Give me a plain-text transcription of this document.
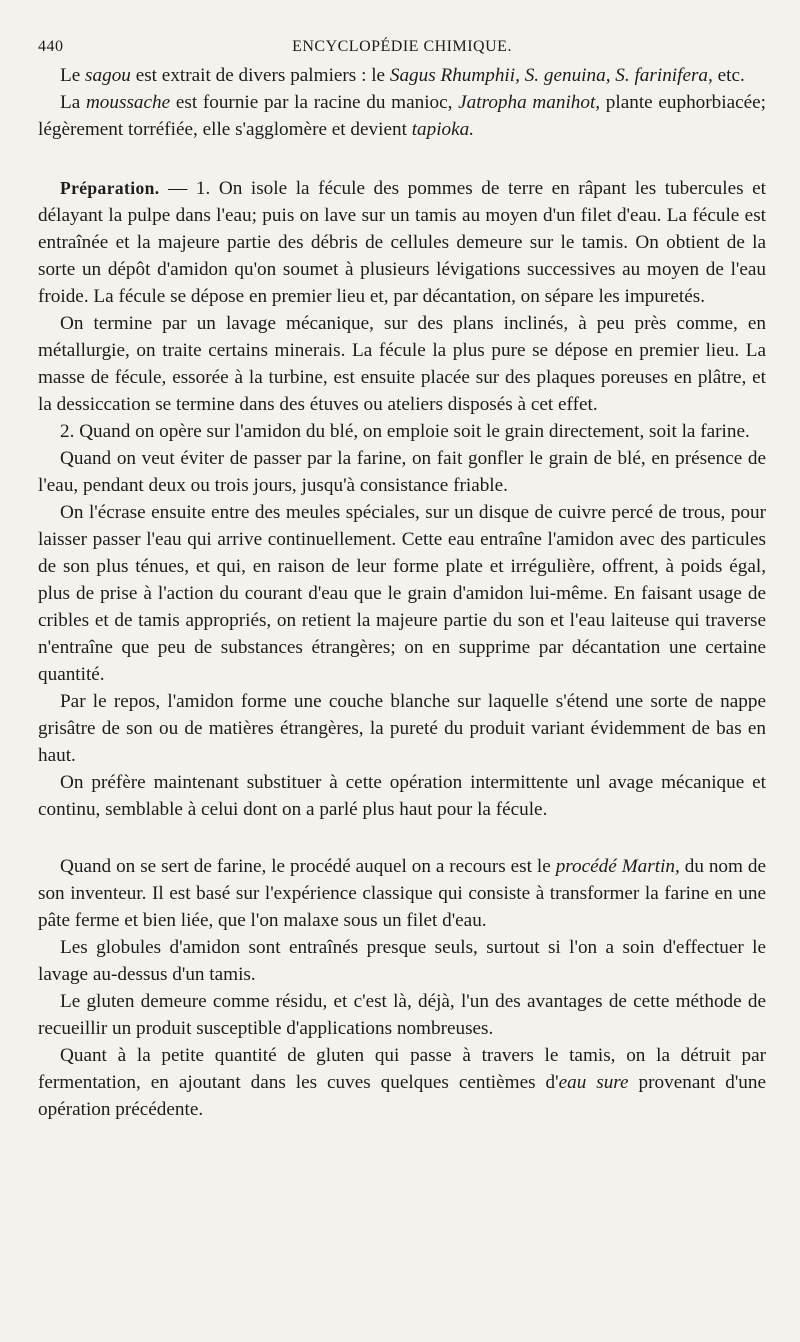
440	ENCYCLOPÉDIE CHIMIQUE.

Le sagou est extrait de divers palmiers : le Sagus Rhumphii, S. genuina, S. farinifera, etc.

La moussache est fournie par la racine du manioc, Jatropha manihot, plante euphorbiacée; légèrement torréfiée, elle s'agglomère et devient tapioka.

Préparation. — 1. On isole la fécule des pommes de terre en râpant les tubercules et délayant la pulpe dans l'eau; puis on lave sur un tamis au moyen d'un filet d'eau. La fécule est entraînée et la majeure partie des débris de cellules demeure sur le tamis. On obtient de la sorte un dépôt d'amidon qu'on soumet à plusieurs lévigations successives au moyen de l'eau froide. La fécule se dépose en premier lieu et, par décantation, on sépare les impuretés.

On termine par un lavage mécanique, sur des plans inclinés, à peu près comme, en métallurgie, on traite certains minerais. La fécule la plus pure se dépose en premier lieu. La masse de fécule, essorée à la turbine, est ensuite placée sur des plaques poreuses en plâtre, et la dessiccation se termine dans des étuves ou ateliers disposés à cet effet.

2. Quand on opère sur l'amidon du blé, on emploie soit le grain directement, soit la farine.

Quand on veut éviter de passer par la farine, on fait gonfler le grain de blé, en présence de l'eau, pendant deux ou trois jours, jusqu'à consistance friable.

On l'écrase ensuite entre des meules spéciales, sur un disque de cuivre percé de trous, pour laisser passer l'eau qui arrive continuellement. Cette eau entraîne l'amidon avec des particules de son plus ténues, et qui, en raison de leur forme plate et irrégulière, offrent, à poids égal, plus de prise à l'action du courant d'eau que le grain d'amidon lui-même. En faisant usage de cribles et de tamis appropriés, on retient la majeure partie du son et l'eau laiteuse qui traverse n'entraîne que peu de substances étrangères; on en supprime par décantation une certaine quantité.

Par le repos, l'amidon forme une couche blanche sur laquelle s'étend une sorte de nappe grisâtre de son ou de matières étrangères, la pureté du produit variant évidemment de bas en haut.

On préfère maintenant substituer à cette opération intermittente unl avage mécanique et continu, semblable à celui dont on a parlé plus haut pour la fécule.

Quand on se sert de farine, le procédé auquel on a recours est le procédé Martin, du nom de son inventeur. Il est basé sur l'expérience classique qui consiste à transformer la farine en une pâte ferme et bien liée, que l'on malaxe sous un filet d'eau.

Les globules d'amidon sont entraînés presque seuls, surtout si l'on a soin d'effectuer le lavage au-dessus d'un tamis.

Le gluten demeure comme résidu, et c'est là, déjà, l'un des avantages de cette méthode de recueillir un produit susceptible d'applications nombreuses.

Quant à la petite quantité de gluten qui passe à travers le tamis, on la détruit par fermentation, en ajoutant dans les cuves quelques centièmes d'eau sure provenant d'une opération précédente.
